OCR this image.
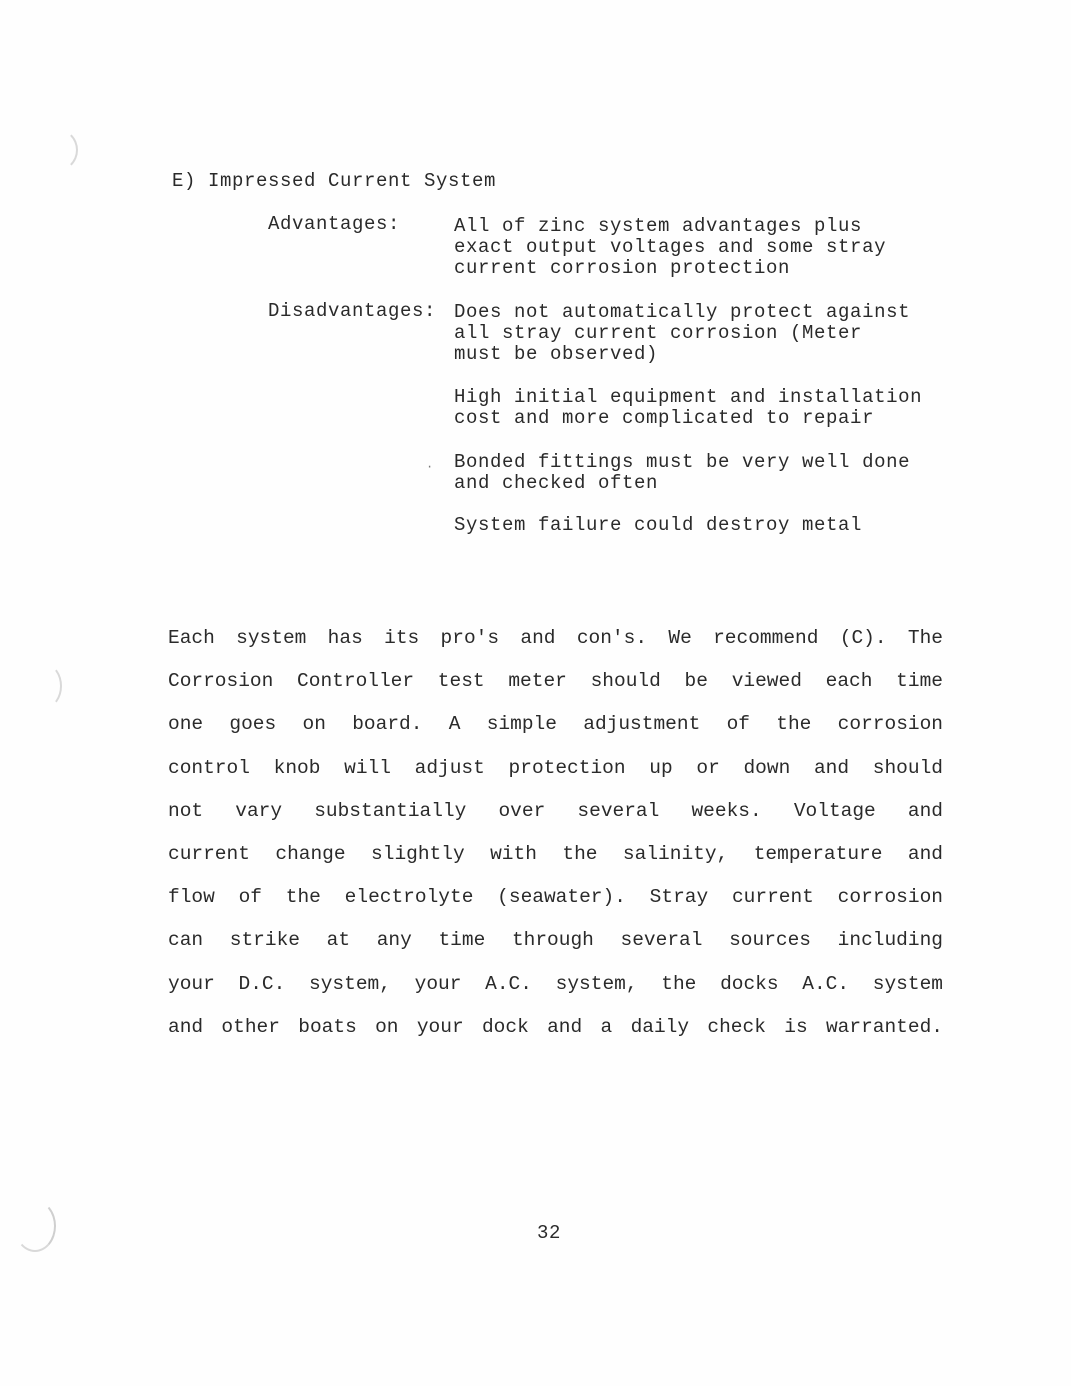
E) Impressed Current System
Advantages:	All of zinc system advantages plus
exact output voltages and some stray
current corrosion protection

Disadvantages: Does not automatically protect against
all stray current corrosion (Meter
must be observed)

High initial equipment and installation
cost and more complicated to repair

· Bonded fittings must be very well done
and checked often

System failure could destroy metal

Each system has its pro's and con's. We recommend (C). The
Corrosion Controller test meter should be viewed each time
one goes on board. A simple adjustment of the corrosion
control knob will adjust protection up or down and should
not vary substantially over several weeks. Voltage and
current change slightly with the salinity, temperature and
flow of the electrolyte (seawater). Stray current corrosion
can strike at any time through several sources including
your D.C. system, your A.C. system, the docks A.C. system
and other boats on your dock and a daily check is warranted.

32
